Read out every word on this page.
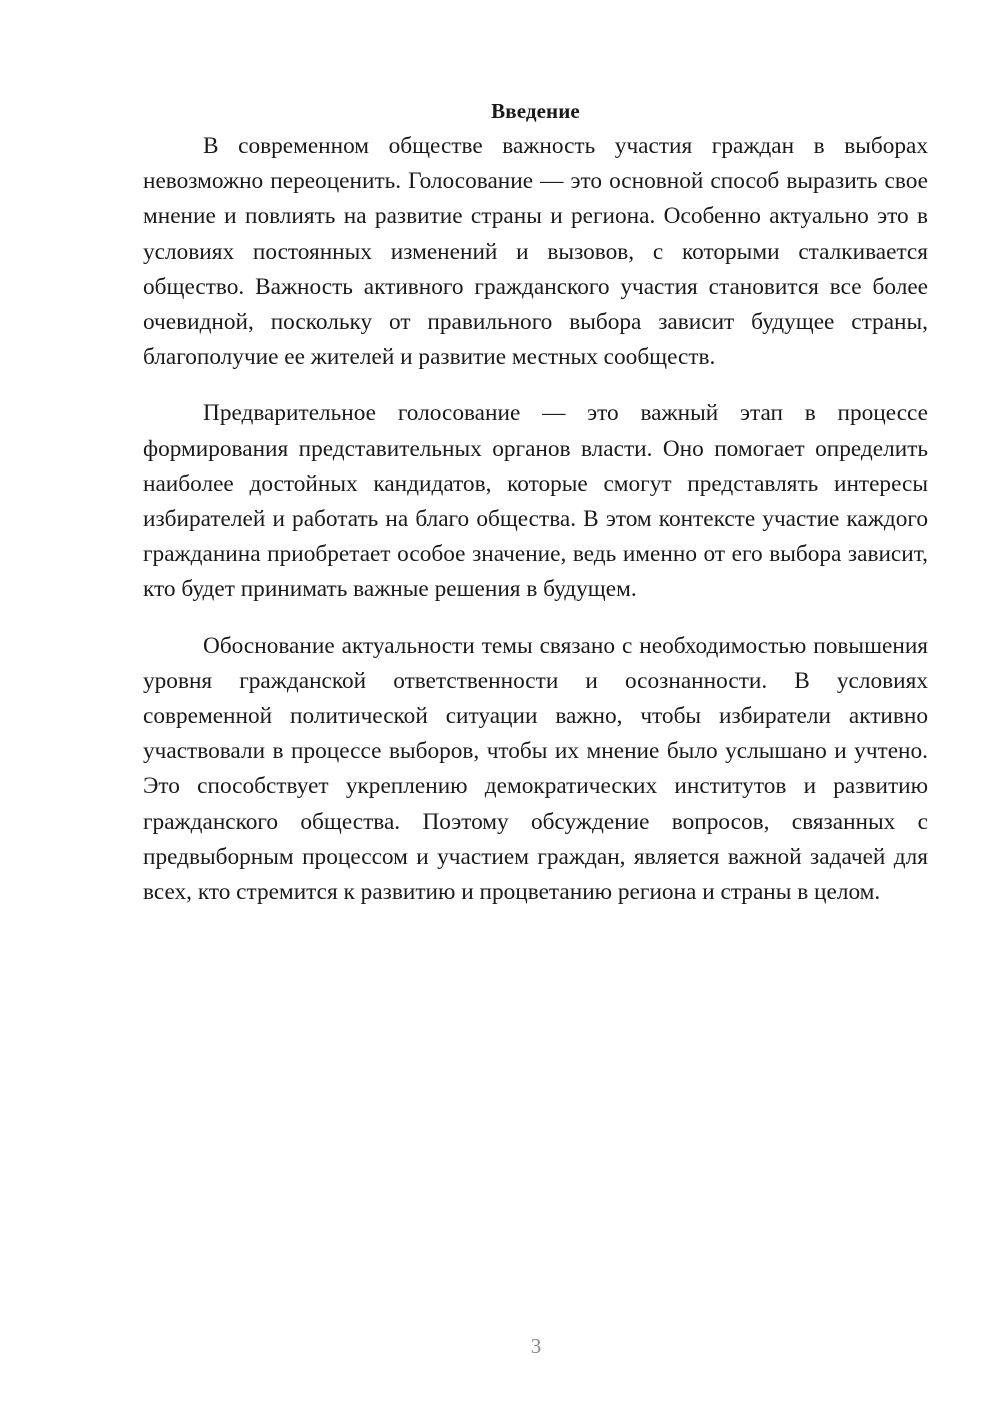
Введение

В современном обществе важность участия граждан в выборах невозможно переоценить. Голосование — это основной способ выразить свое мнение и повлиять на развитие страны и региона. Особенно актуально это в условиях постоянных изменений и вызовов, с которыми сталкивается общество. Важность активного гражданского участия становится все более очевидной, поскольку от правильного выбора зависит будущее страны, благополучие ее жителей и развитие местных сообществ.

Предварительное голосование — это важный этап в процессе формирования представительных органов власти. Оно помогает определить наиболее достойных кандидатов, которые смогут представлять интересы избирателей и работать на благо общества. В этом контексте участие каждого гражданина приобретает особое значение, ведь именно от его выбора зависит, кто будет принимать важные решения в будущем.

Обоснование актуальности темы связано с необходимостью повышения уровня гражданской ответственности и осознанности. В условиях современной политической ситуации важно, чтобы избиратели активно участвовали в процессе выборов, чтобы их мнение было услышано и учтено. Это способствует укреплению демократических институтов и развитию гражданского общества. Поэтому обсуждение вопросов, связанных с предвыборным процессом и участием граждан, является важной задачей для всех, кто стремится к развитию и процветанию региона и страны в целом.

3
